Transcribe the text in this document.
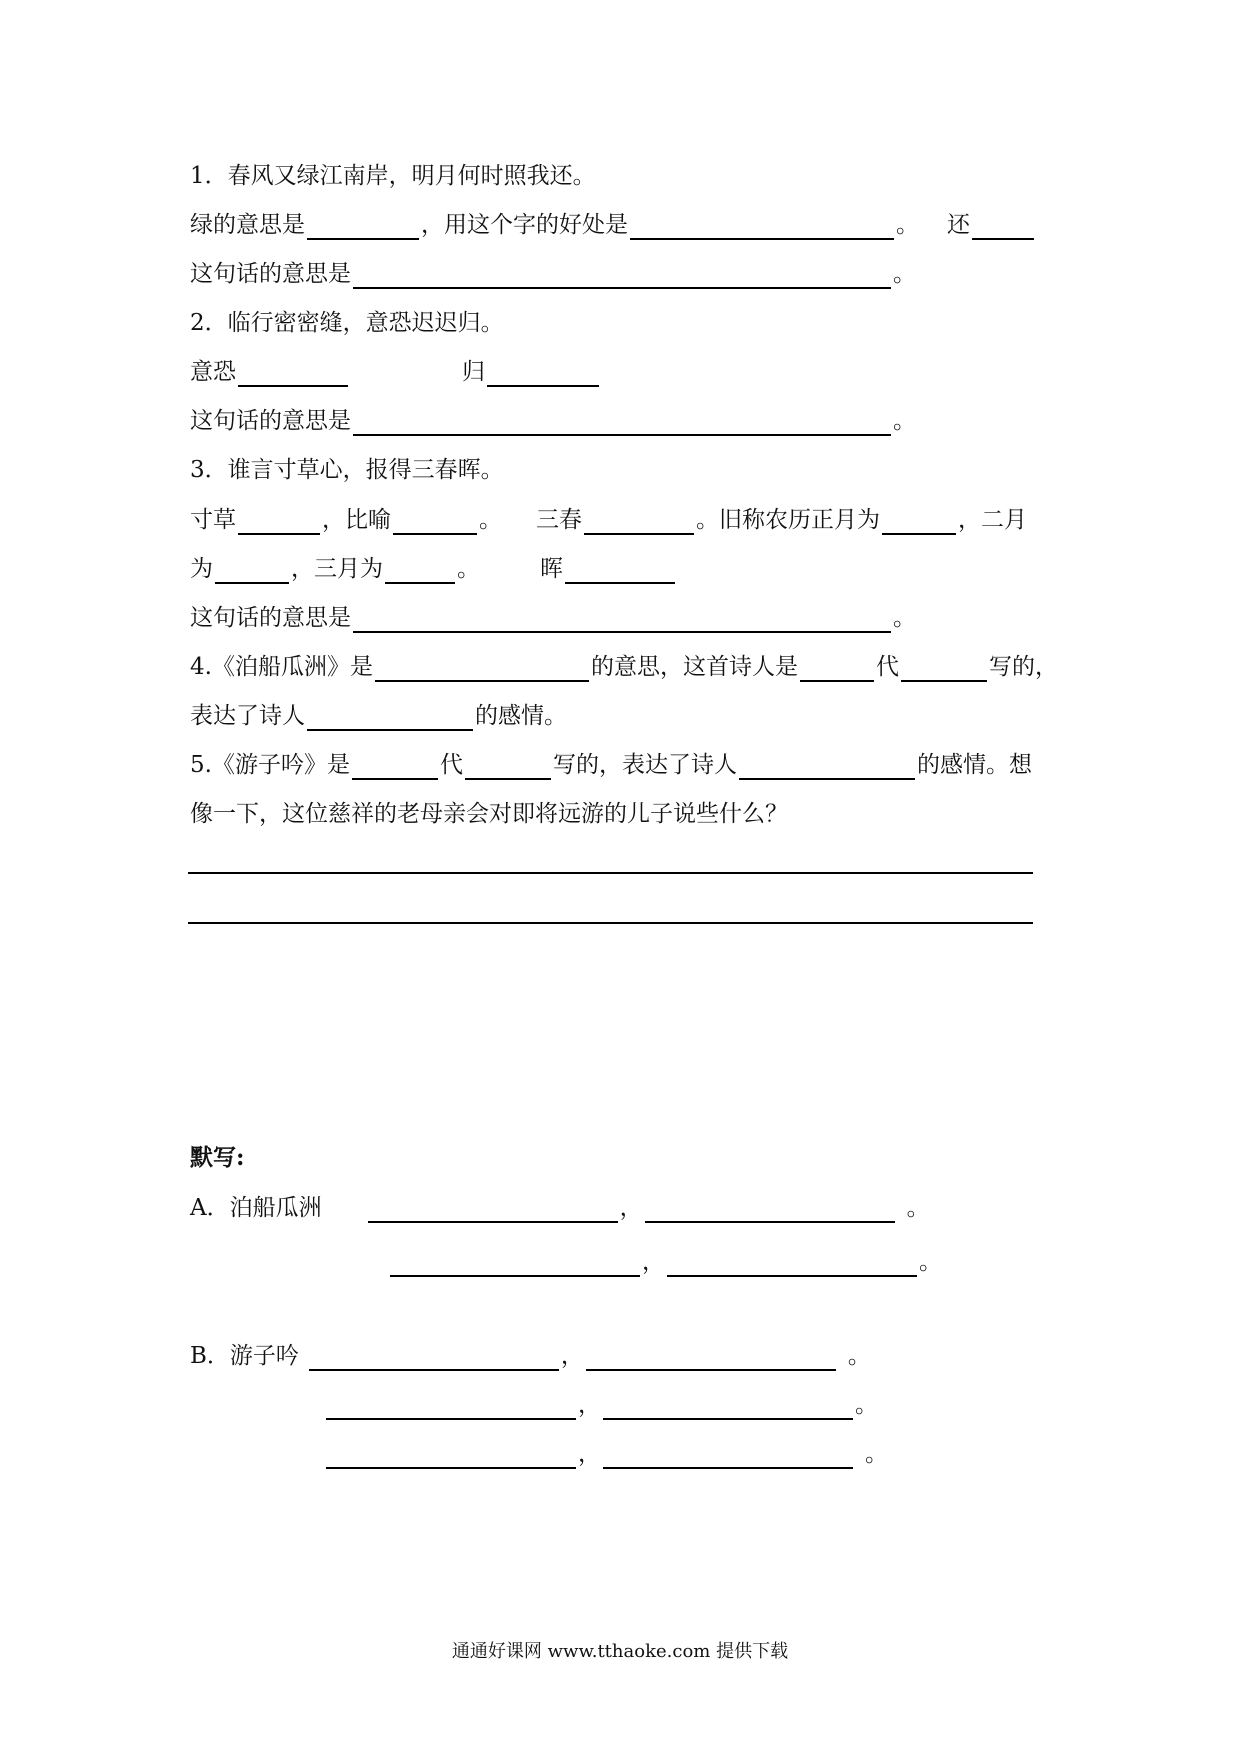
1．春风又绿江南岸，明月何时照我还。
绿的意思是	，用这个字的好处是	。 还
这句话的意思是	。
2．临行密密缝，意恐迟迟归。
意恐	归
这句话的意思是	。
3．谁言寸草心，报得三春晖。
寸草	，比喻	。 三春	。旧称农历正月为	，二月
为	，三月为	。	晖
这句话的意思是	。
4.《泊船瓜洲》是	的意思，这首诗人是	代	写的，
表达了诗人	的感情。
5.《游子吟》是	代	写的，表达了诗人	的感情。想
像一下，这位慈祥的老母亲会对即将远游的儿子说些什么？
默写:
A．泊船瓜洲	，	。
，	。
B．游子吟	，	。
，	。
，	。
通通好课网 www.tthaoke.com 提供下载
